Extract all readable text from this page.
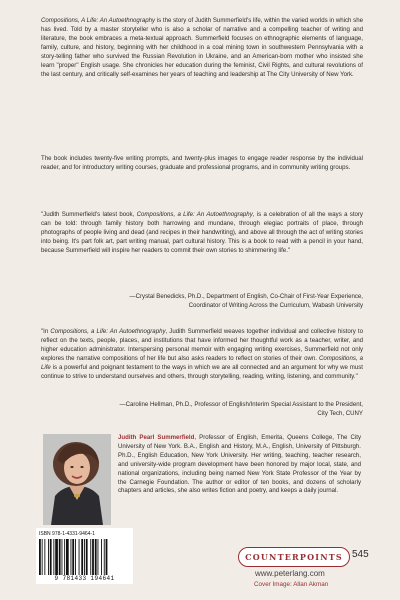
Compositions, A Life: An Autoethnography is the story of Judith Summerfield's life, within the varied worlds in which she has lived. Told by a master storyteller who is also a scholar of narrative and a compelling teacher of writing and literature, the book embraces a meta-textual approach. Summerfield focuses on ethnographic elements of language, family, culture, and history, beginning with her childhood in a coal mining town in southwestern Pennsylvania with a story-telling father who survived the Russian Revolution in Ukraine, and an American-born mother who insisted she learn "proper" English usage. She chronicles her education during the feminist, Civil Rights, and cultural revolutions of the last century, and critically self-examines her years of teaching and leadership at The City University of New York.

The book includes twenty-five writing prompts, and twenty-plus images to engage reader response by the individual reader, and for introductory writing courses, graduate and professional programs, and in community writing groups.

"Judith Summerfield's latest book, Compositions, a Life: An Autoethnography, is a celebration of all the ways a story can be told: through family history both harrowing and mundane, through elegiac portraits of place, through photographs of people living and dead (and recipes in their handwriting), and above all through the act of writing stories into being. It's part folk art, part writing manual, part cultural history. This is a book to read with a pencil in your hand, because Summerfield will inspire her readers to commit their own stories to shimmering life."

—Crystal Benedicks, Ph.D., Department of English, Co-Chair of First-Year Experience,
Coordinator of Writing Across the Curriculum, Wabash University

"In Compositions, a Life: An Autoethnography, Judith Summerfield weaves together individual and collective history to reflect on the texts, people, places, and institutions that have informed her thoughtful work as a teacher, writer, and higher education administrator. Interspersing personal memoir with engaging writing exercises, Summerfield not only explores the narrative compositions of her life but also asks readers to reflect on stories of their own. Compositions, a Life is a powerful and poignant testament to the ways in which we are all connected and an argument for why we must continue to strive to understand ourselves and others, through storytelling, reading, writing, listening, and community."

—Caroline Hellman, Ph.D., Professor of English/Interim Special Assistant to the President,
City Tech, CUNY

Judith Pearl Summerfield, Professor of English, Emerita, Queens College, The City University of New York. B.A., English and History, M.A., English, University of Pittsburgh. Ph.D., English Education, New York University. Her writing, teaching, teacher research, and university-wide program development have been honored by major local, state, and national organizations, including being named New York State Professor of the Year by the Carnegie Foundation. The author or editor of ten books, and dozens of scholarly chapters and articles, she also writes fiction and poetry, and keeps a daily journal.

ISBN 978-1-4331-9464-1
9 781433 194641
COUNTERPOINTS 545
www.peterlang.com
Cover Image: Allan Akman
